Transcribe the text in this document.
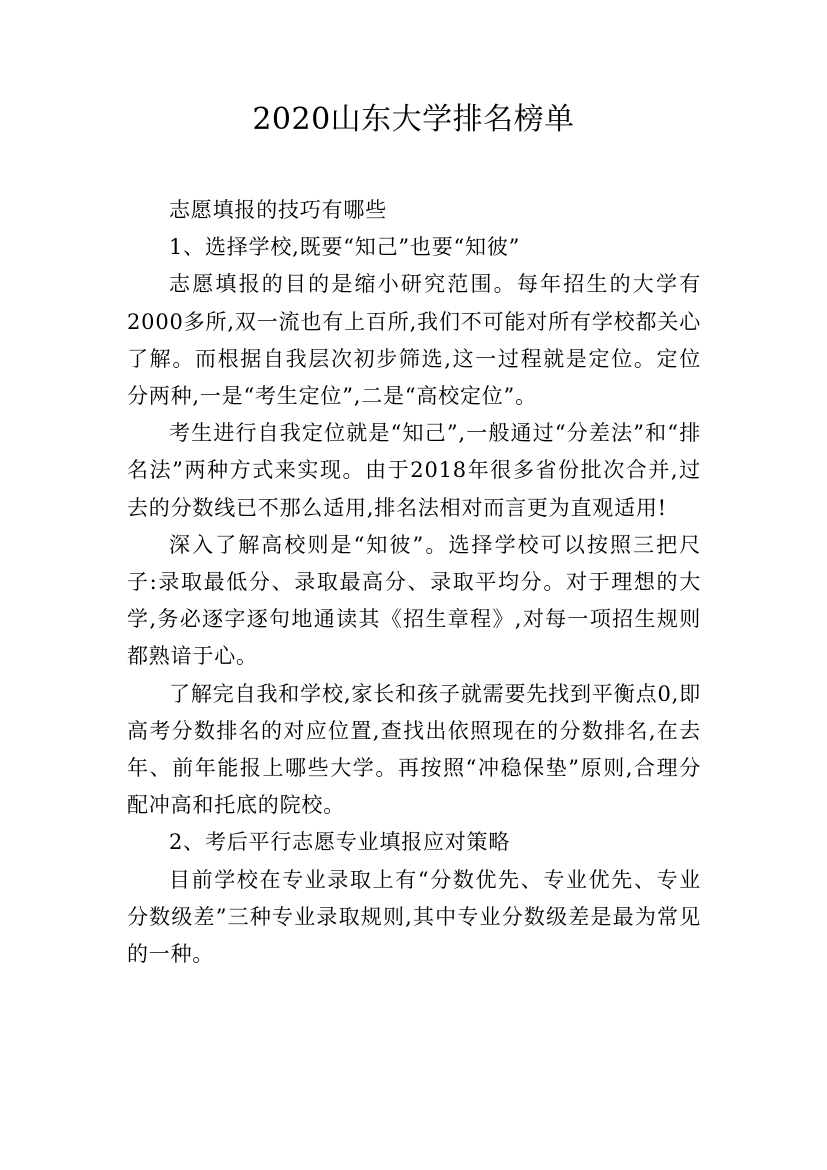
2020山东大学排名榜单

志愿填报的技巧有哪些

1、选择学校,既要“知己”也要“知彼”

志愿填报的目的是缩小研究范围。每年招生的大学有2000多所,双一流也有上百所,我们不可能对所有学校都关心了解。而根据自我层次初步筛选,这一过程就是定位。定位分两种,一是“考生定位”,二是“高校定位”。

考生进行自我定位就是“知己”,一般通过“分差法”和“排名法”两种方式来实现。由于2018年很多省份批次合并,过去的分数线已不那么适用,排名法相对而言更为直观适用!

深入了解高校则是“知彼”。选择学校可以按照三把尺子:录取最低分、录取最高分、录取平均分。对于理想的大学,务必逐字逐句地通读其《招生章程》,对每一项招生规则都熟谙于心。

了解完自我和学校,家长和孩子就需要先找到平衡点0,即高考分数排名的对应位置,查找出依照现在的分数排名,在去年、前年能报上哪些大学。再按照“冲稳保垫”原则,合理分配冲高和托底的院校。

2、考后平行志愿专业填报应对策略

目前学校在专业录取上有“分数优先、专业优先、专业分数级差”三种专业录取规则,其中专业分数级差是最为常见的一种。
